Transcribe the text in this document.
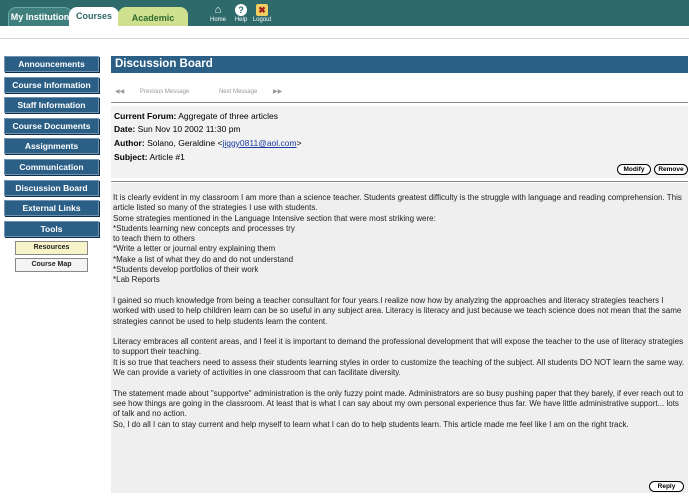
My Institution Courses	Academic
⌂
Home
?
Help
✖
Logout
Announcements
Course Information
Staff Information
Course Documents
Assignments
Communication
Discussion Board
External Links
Tools
Resources
Course Map
Discussion Board
◀◀	Previous Message	Next Message	▶▶
Current Forum: Aggregate of three articles
Date: Sun Nov 10 2002 11:30 pm
Author: Solano, Geraldine <jiggy0811@aol.com>
Subject: Article #1
Modify	Remove

It is clearly evident in my classroom I am more than a science teacher. Students greatest difficulty is the struggle with language and reading comprehension. This article listed so many of the strategies I use with students.
Some strategies mentioned in the Language Intensive section that were most striking were:
*Students learning new concepts and processes try
to teach them to others
*Write a letter or journal entry explaining them
*Make a list of what they do and do not understand
*Students develop portfolios of their work
*Lab Reports

I gained so much knowledge from being a teacher consultant for four years.I realize now how by analyzing the approaches and literacy strategies teachers I worked with used to help children learn can be so useful in any subject area. Literacy is literacy and just because we teach science does not mean that the same strategies cannot be used to help students learn the content.

Literacy embraces all content areas, and I feel it is important to demand the professional development that will expose the teacher to the use of literacy strategies to support their teaching.
It is so true that teachers need to assess their students learning styles in order to customize the teaching of the subject. All students DO NOT learn the same way. We can provide a variety of activities in one classroom that can facilitate diversity.

The statement made about "supportve" administration is the only fuzzy point made. Administrators are so busy pushing paper that they barely, if ever reach out to see how things are going in the classroom. At least that is what I can say about my own personal experience thus far. We have little administrative support... lots of talk and no action.
So, I do all I can to stay current and help myself to learn what I can do to help students learn. This article made me feel like I am on the right track.

Reply
